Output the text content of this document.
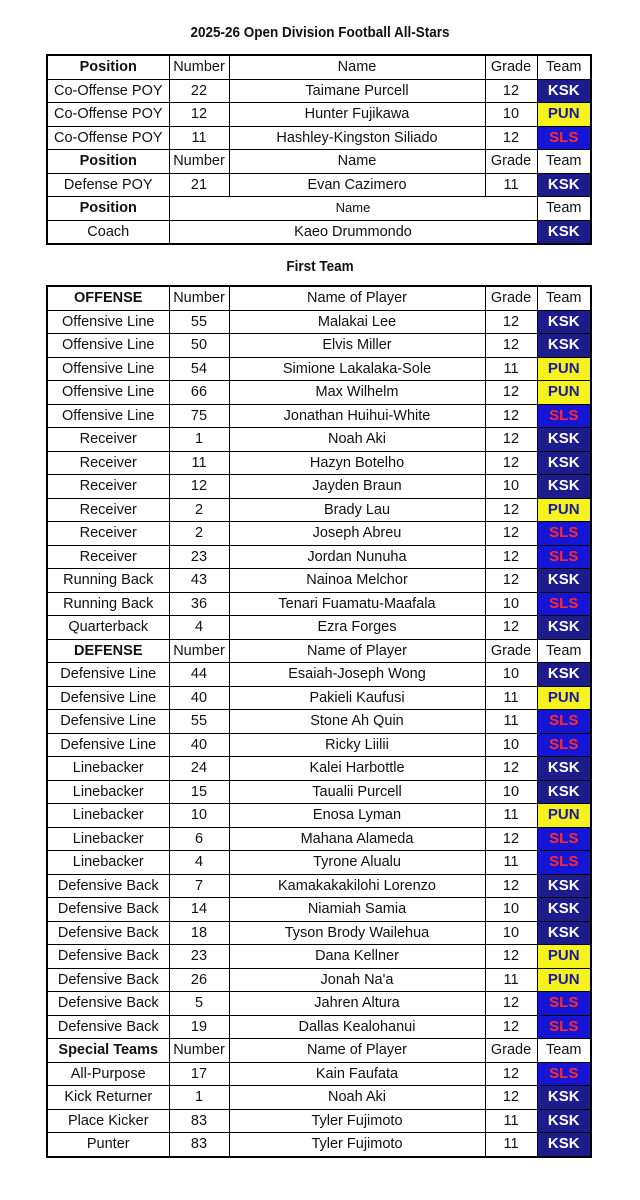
2025-26 Open Division Football All-Stars
Position	Number	Name	Grade	Team
Co-Offense POY	22	Taimane Purcell	12	KSK
Co-Offense POY	12	Hunter Fujikawa	10	PUN
Co-Offense POY	11	Hashley-Kingston Siliado	12	SLS
Position	Number	Name	Grade	Team
Defense POY	21	Evan Cazimero	11	KSK
Position	Name			Team
Coach	Kaeo Drummondo			KSK
First Team
OFFENSE	Number	Name of Player	Grade	Team
Offensive Line	55	Malakai Lee	12	KSK
Offensive Line	50	Elvis Miller	12	KSK
Offensive Line	54	Simione Lakalaka-Sole	11	PUN
Offensive Line	66	Max Wilhelm	12	PUN
Offensive Line	75	Jonathan Huihui-White	12	SLS
Receiver	1	Noah Aki	12	KSK
Receiver	11	Hazyn Botelho	12	KSK
Receiver	12	Jayden Braun	10	KSK
Receiver	2	Brady Lau	12	PUN
Receiver	2	Joseph Abreu	12	SLS
Receiver	23	Jordan Nunuha	12	SLS
Running Back	43	Nainoa Melchor	12	KSK
Running Back	36	Tenari Fuamatu-Maafala	10	SLS
Quarterback	4	Ezra Forges	12	KSK
DEFENSE	Number	Name of Player	Grade	Team
Defensive Line	44	Esaiah-Joseph Wong	10	KSK
Defensive Line	40	Pakieli Kaufusi	11	PUN
Defensive Line	55	Stone Ah Quin	11	SLS
Defensive Line	40	Ricky Liilii	10	SLS
Linebacker	24	Kalei Harbottle	12	KSK
Linebacker	15	Taualii Purcell	10	KSK
Linebacker	10	Enosa Lyman	11	PUN
Linebacker	6	Mahana Alameda	12	SLS
Linebacker	4	Tyrone Alualu	11	SLS
Defensive Back	7	Kamakakakilohi Lorenzo	12	KSK
Defensive Back	14	Niamiah Samia	10	KSK
Defensive Back	18	Tyson Brody Wailehua	10	KSK
Defensive Back	23	Dana Kellner	12	PUN
Defensive Back	26	Jonah Na'a	11	PUN
Defensive Back	5	Jahren Altura	12	SLS
Defensive Back	19	Dallas Kealohanui	12	SLS
Special Teams	Number	Name of Player	Grade	Team
All-Purpose	17	Kain Faufata	12	SLS
Kick Returner	1	Noah Aki	12	KSK
Place Kicker	83	Tyler Fujimoto	11	KSK
Punter	83	Tyler Fujimoto	11	KSK
